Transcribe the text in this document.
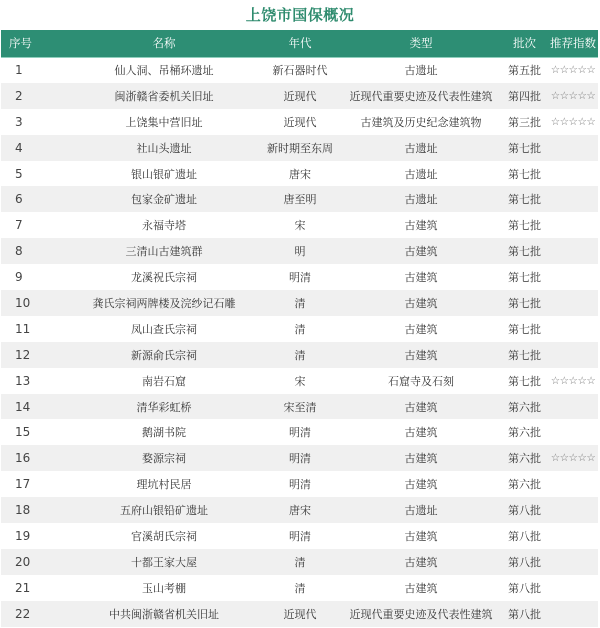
上饶市国保概况
序号	名称	年代	类型	批次	推荐指数
1	仙人洞、吊桶环遗址	新石器时代	古遗址	第五批	☆☆☆☆☆
2	闽浙赣省委机关旧址	近现代	近现代重要史迹及代表性建筑	第四批	☆☆☆☆☆
3	上饶集中营旧址	近现代	古建筑及历史纪念建筑物	第三批	☆☆☆☆☆
4	社山头遗址	新时期至东周	古遗址	第七批	
5	银山银矿遗址	唐宋	古遗址	第七批	
6	包家金矿遗址	唐至明	古遗址	第七批	
7	永福寺塔	宋	古建筑	第七批	
8	三清山古建筑群	明	古建筑	第七批	
9	龙溪祝氏宗祠	明清	古建筑	第七批	
10	龚氏宗祠两牌楼及浣纱记石雕	清	古建筑	第七批	
11	凤山查氏宗祠	清	古建筑	第七批	
12	新源俞氏宗祠	清	古建筑	第七批	
13	南岩石窟	宋	石窟寺及石刻	第七批	☆☆☆☆☆
14	清华彩虹桥	宋至清	古建筑	第六批	
15	鹅湖书院	明清	古建筑	第六批	
16	婺源宗祠	明清	古建筑	第六批	☆☆☆☆☆
17	理坑村民居	明清	古建筑	第六批	
18	五府山银铅矿遗址	唐宋	古遗址	第八批	
19	官溪胡氏宗祠	明清	古建筑	第八批	
20	十都王家大屋	清	古建筑	第八批	
21	玉山考棚	清	古建筑	第八批	
22	中共闽浙赣省机关旧址	近现代	近现代重要史迹及代表性建筑	第八批	
